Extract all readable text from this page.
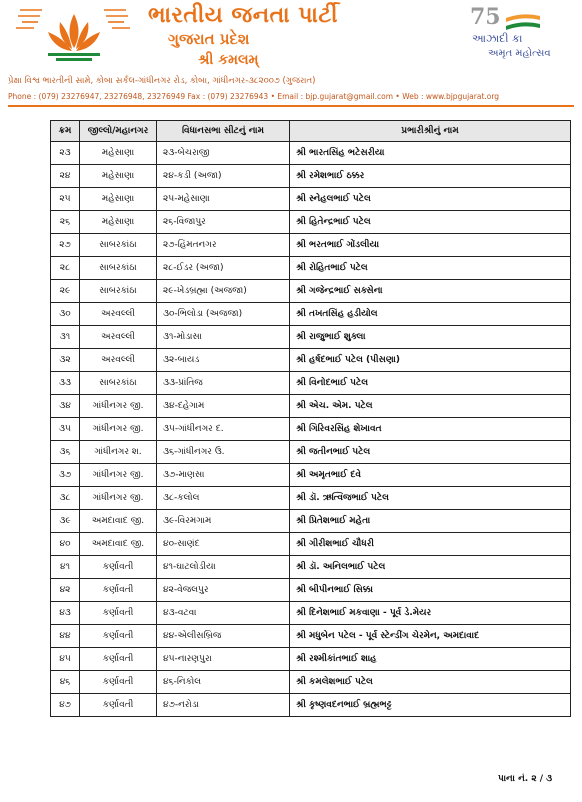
ભારતીય જનતા પાર્ટી
ગુજરાત પ્રદેશ
શ્રી કમલમ્
75
આઝાદી કા
અમૃત મહોત્સવ
પ્રેક્ષા વિશ્વ ભારતીની સામે, કોબા સર્કલ-ગાંધીનગર રોડ, કોબા, ગાંધીનગર-૩૮૨૦૦૭ (ગુજરાત)
Phone : (079) 23276947, 23276948, 23276949 Fax : (079) 23276943 • Email : bjp.gujarat@gmail.com • Web : www.bjpgujarat.org
ક્રમ	જીલ્લો/મહાનગર	વિધાનસભા સીટનું નામ	પ્રભારીશ્રીનું નામ
૨૩	મહેસાણા	૨૩-બેચરાજી	શ્રી ભારતસિંહ ભટેસરીયા
૨૪	મહેસાણા	૨૪-કડી (અજા)	શ્રી રમેશભાઈ ઠક્કર
૨૫	મહેસાણા	૨૫-મહેસાણા	શ્રી સ્નેહલભાઈ પટેલ
૨૬	મહેસાણા	૨૬-વિજાપુર	શ્રી હિતેન્દ્રભાઈ પટેલ
૨૭	સાબરકાંઠા	૨૭-હિંમતનગર	શ્રી ભરતભાઈ ગોંડલીયા
૨૮	સાબરકાંઠા	૨૮-ઈડર (અજા)	શ્રી રોહિતભાઈ પટેલ
૨૯	સાબરકાંઠા	૨૯-ખેડબ્રહ્મા (અજજા)	શ્રી ગજેન્દ્રભાઈ સક્સેના
૩૦	અરવલ્લી	૩૦-ભિલોડા (અજજા)	શ્રી તખતસિંહ હડીયોલ
૩૧	અરવલ્લી	૩૧-મોડાસા	શ્રી રાજુભાઈ શુક્લા
૩૨	અરવલ્લી	૩૨-બાયડ	શ્રી હર્ષદભાઈ પટેલ (પીસણા)
૩૩	સાબરકાંઠા	૩૩-પ્રાંતિજ	શ્રી વિનોદભાઈ પટેલ
૩૪	ગાંધીનગર જી.	૩૪-દહેગામ	શ્રી એચ. એમ. પટેલ
૩૫	ગાંધીનગર જી.	૩૫-ગાંધીનગર દ.	શ્રી ગિરિવરસિંહ શેખાવત
૩૬	ગાંધીનગર શ.	૩૬-ગાંધીનગર ઉ.	શ્રી જતીનભાઈ પટેલ
૩૭	ગાંધીનગર જી.	૩૭-માણસા	શ્રી અમૃતભાઈ દવે
૩૮	ગાંધીનગર જી.	૩૮-કલોલ	શ્રી ડૉ. ઋત્વિજભાઈ પટેલ
૩૯	અમદાવાદ જી.	૩૯-વિરમગામ	શ્રી પ્રિતેશભાઈ મહેતા
૪૦	અમદાવાદ જી.	૪૦-સાણંદ	શ્રી ગીરીશભાઈ ચૌધરી
૪૧	કર્ણાવતી	૪૧-ઘાટલોડીયા	શ્રી ડૉ. અનિલભાઈ પટેલ
૪૨	કર્ણાવતી	૪૨-વેજલપુર	શ્રી બીપીનભાઈ સિક્કા
૪૩	કર્ણાવતી	૪૩-વટવા	શ્રી દિનેશભાઈ મકવાણા - પૂર્વ ડે.મેયર
૪૪	કર્ણાવતી	૪૪-એલીસબ્રિજ	શ્રી મધુબેન પટેલ - પૂર્વ સ્ટેન્ડીંગ ચેરમેન, અમદાવાદ
૪૫	કર્ણાવતી	૪૫-નારણપુરા	શ્રી રશ્મીકાંતભાઈ શાહ
૪૬	કર્ણાવતી	૪૬-નિકોલ	શ્રી કમલેશભાઈ પટેલ
૪૭	કર્ણાવતી	૪૭-નરોડા	શ્રી કૃષ્ણવદનભાઈ બ્રહ્મભટ્ટ
પાના નં. ૨ / ૩
